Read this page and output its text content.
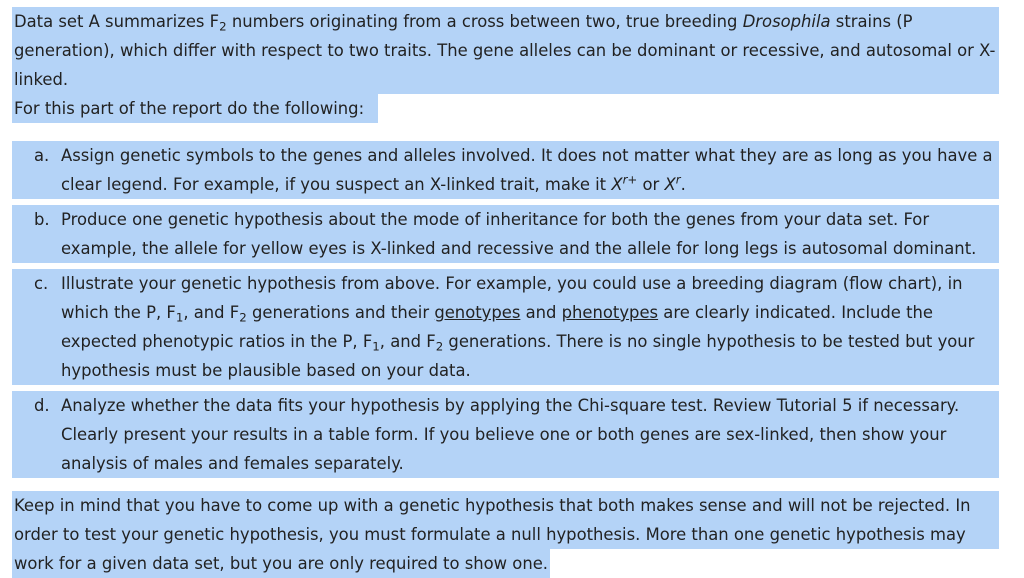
Data set A summarizes $F_2$ numbers originating from a cross between two, true breeding Drosophila strains (P
generation), which differ with respect to two traits. The gene alleles can be dominant or recessive, and autosomal or X-
linked.
For this part of the report do the following:
a. Assign genetic symbols to the genes and alleles involved. It does not matter what they are as long as you have a
clear legend. For example, if you suspect an X-linked trait, make it $X^{r+}$ or $X^r$.
b. Produce one genetic hypothesis about the mode of inheritance for both the genes from your data set. For
example, the allele for yellow eyes is X-linked and recessive and the allele for long legs is autosomal dominant.
c. Illustrate your genetic hypothesis from above. For example, you could use a breeding diagram (flow chart), in
which the P, $F_1$, and $F_2$ generations and their genotypes and phenotypes are clearly indicated. Include the
expected phenotypic ratios in the P, $F_1$, and $F_2$ generations. There is no single hypothesis to be tested but your
hypothesis must be plausible based on your data.
d. Analyze whether the data fits your hypothesis by applying the Chi-square test. Review Tutorial 5 if necessary.
Clearly present your results in a table form. If you believe one or both genes are sex-linked, then show your
analysis of males and females separately.
Keep in mind that you have to come up with a genetic hypothesis that both makes sense and will not be rejected. In
order to test your genetic hypothesis, you must formulate a null hypothesis. More than one genetic hypothesis may
work for a given data set, but you are only required to show one.
